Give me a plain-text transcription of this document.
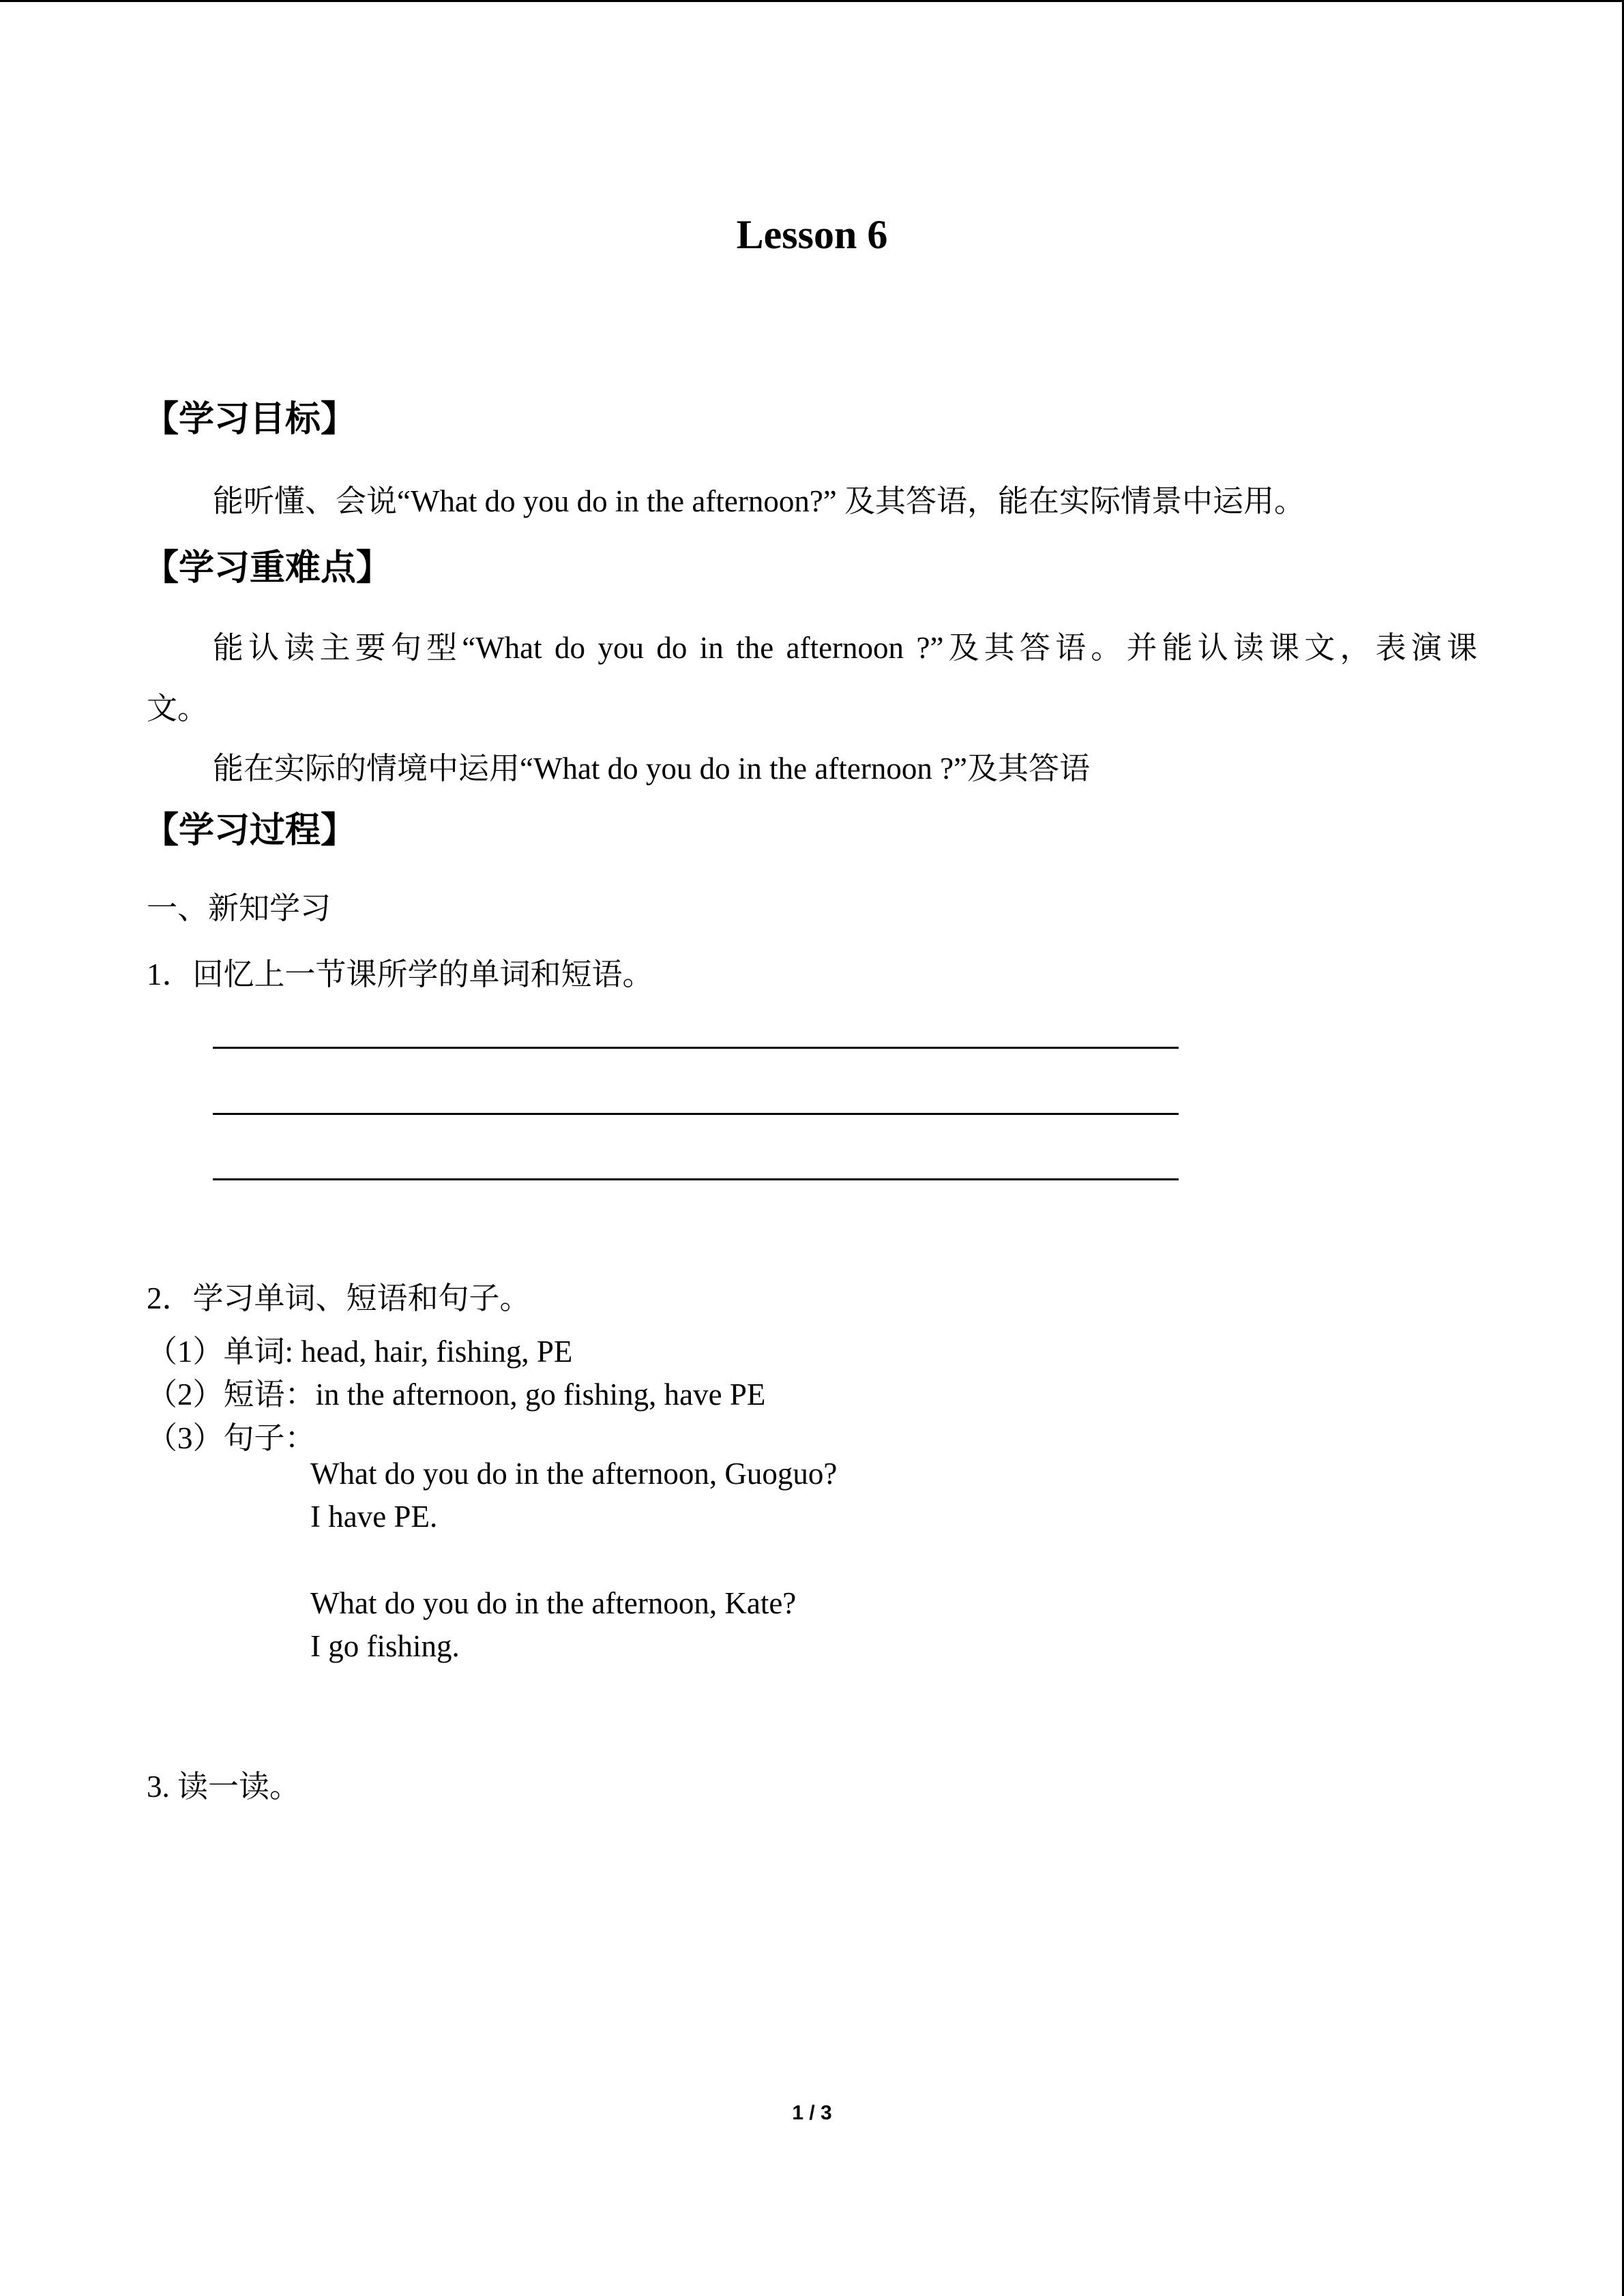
Lesson 6
【学习目标】
能听懂、会说“What do you do in the afternoon?” 及其答语，能在实际情景中运用。
【学习重难点】
能认读主要句型“What do you do in the afternoon ?”及其答语。并能认读课文，表演课
文。
能在实际的情境中运用“What do you do in the afternoon ?”及其答语
【学习过程】
一、新知学习
1．回忆上一节课所学的单词和短语。
2．学习单词、短语和句子。
（1）单词: head, hair, fishing, PE
（2）短语：in the afternoon, go fishing, have PE
（3）句子：
What do you do in the afternoon, Guoguo?
I have PE.
What do you do in the afternoon, Kate?
I go fishing.
3. 读一读。
1 / 3
